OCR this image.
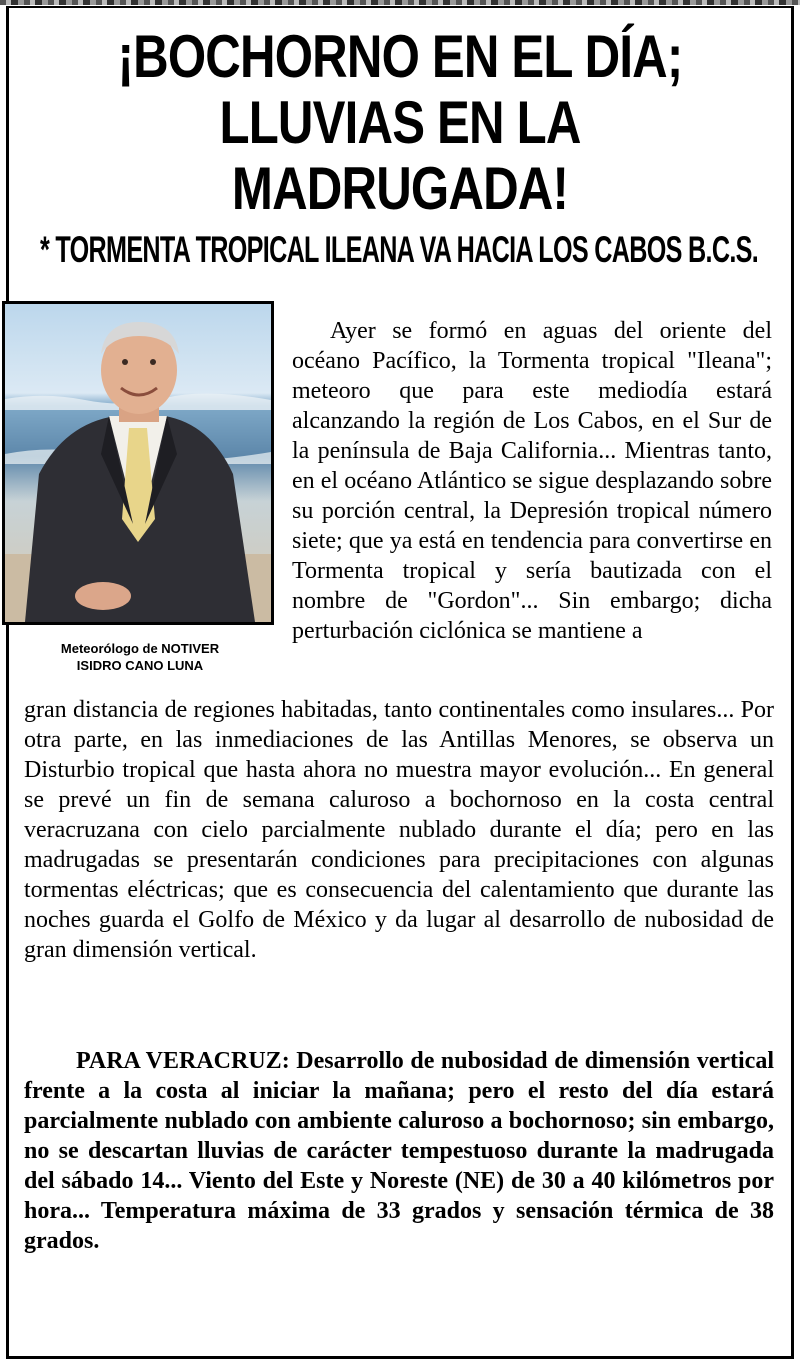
¡BOCHORNO EN EL DÍA;
LLUVIAS EN LA MADRUGADA!
* TORMENTA TROPICAL ILEANA VA HACIA LOS CABOS B.C.S.
Meteorólogo de NOTIVER
ISIDRO CANO LUNA

Ayer se formó en aguas del oriente del océano Pacífico, la Tormenta tropical "Ileana"; meteoro que para este mediodía estará alcanzando la región de Los Cabos, en el Sur de la península de Baja California... Mientras tanto, en el océano Atlántico se sigue desplazando sobre su porción central, la Depresión tropical número siete; que ya está en tendencia para convertirse en Tormenta tropical y sería bautizada con el nombre de "Gordon"... Sin embargo; dicha perturbación ciclónica se mantiene a

gran distancia de regiones habitadas, tanto continentales como insulares... Por otra parte, en las inmediaciones de las Antillas Menores, se observa un Disturbio tropical que hasta ahora no muestra mayor evolución... En general se prevé un fin de semana caluroso a bochornoso en la costa central veracruzana con cielo parcialmente nublado durante el día; pero en las madrugadas se presentarán condiciones para precipitaciones con algunas tormentas eléctricas; que es consecuencia del calentamiento que durante las noches guarda el Golfo de México y da lugar al desarrollo de nubosidad de gran dimensión vertical.

PARA VERACRUZ: Desarrollo de nubosidad de dimensión vertical frente a la costa al iniciar la mañana; pero el resto del día estará parcialmente nublado con ambiente caluroso a bochornoso; sin embargo, no se descartan lluvias de carácter tempestuoso durante la madrugada del sábado 14... Viento del Este y Noreste (NE) de 30 a 40 kilómetros por hora... Temperatura máxima de 33 grados y sensación térmica de 38 grados.
